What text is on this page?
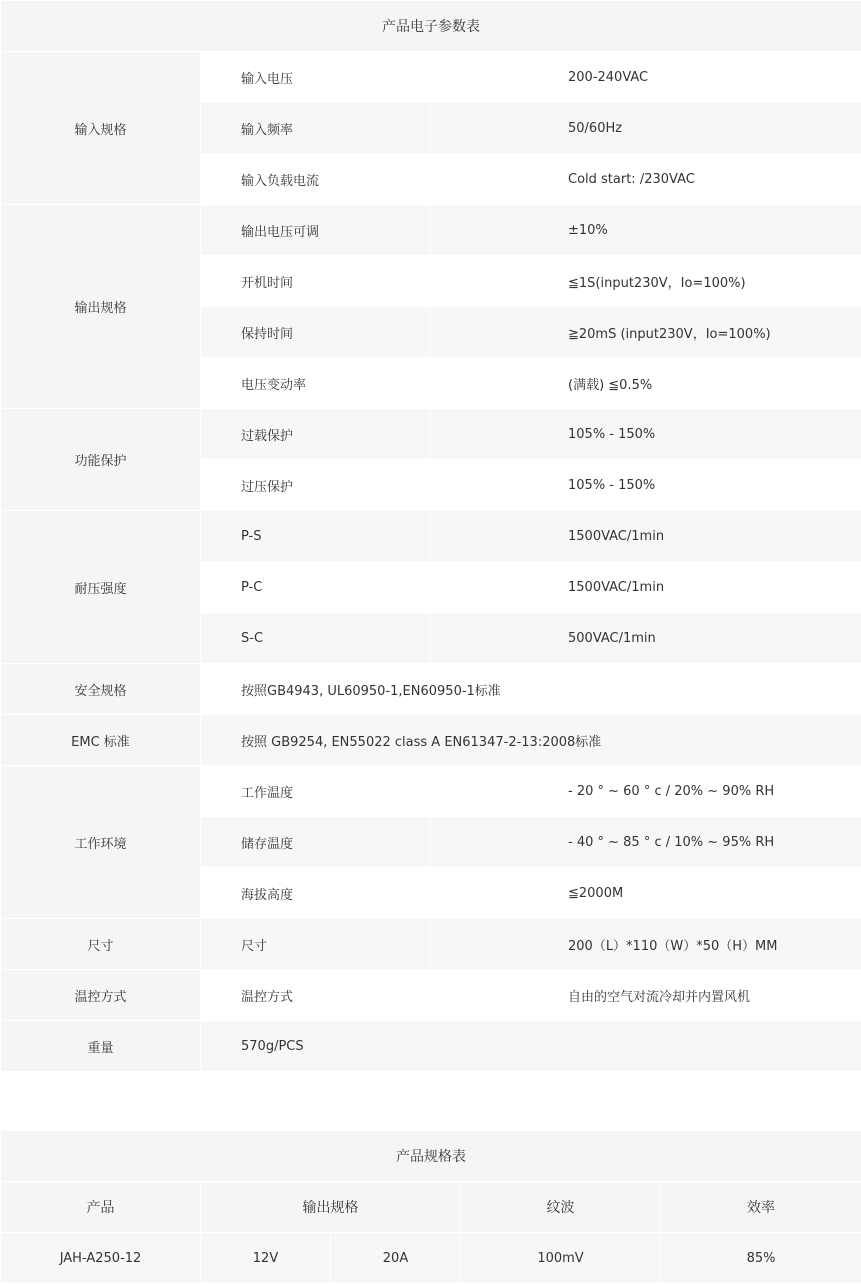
产品电子参数表		
输入规格	输入电压	200-240VAC
	输入频率	50/60Hz
	输入负载电流	Cold start: /230VAC
输出规格	输出电压可调	±10%
	开机时间	≦1S(input230V，Io=100%)
	保持时间	≧20mS (input230V，Io=100%)
	电压变动率	(满载) ≦0.5%
功能保护	过载保护	105% - 150%
	过压保护	105% - 150%
耐压强度	P-S	1500VAC/1min
	P-C	1500VAC/1min
	S-C	500VAC/1min
安全规格	按照GB4943, UL60950-1,EN60950-1标准	
EMC 标准	按照 GB9254, EN55022 class A EN61347-2-13:2008标准	
工作环境	工作温度	- 20 ° ~ 60 ° c / 20% ~ 90% RH
	储存温度	- 40 ° ~ 85 ° c / 10% ~ 95% RH
	海拔高度	≦2000M
尺寸	尺寸	200（L）*110（W）*50（H）MM
温控方式	温控方式	自由的空气对流冷却并内置风机
重量	570g/PCS	
产品规格表				
产品	输出规格		纹波	效率
JAH-A250-12	12V	20A	100mV	85%
